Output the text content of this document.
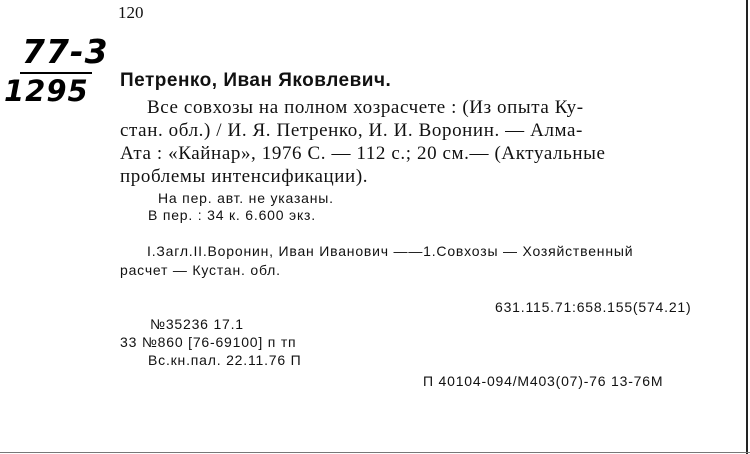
120
77-3
1295 Петренко, Иван Яковлевич.
Все совхозы на полном хозрасчете : (Из опыта Ку-
стан. обл.) / И. Я. Петренко, И. И. Воронин. — Алма-
Ата : «Кайнар», 1976 С. — 112 с.; 20 см.— (Актуальные
проблемы интенсификации).
На пер. авт. не указаны.
В пер. : 34 к. 6.600 экз.
I.Загл.II.Воронин, Иван Иванович ——1.Совхозы — Хозяйственный
расчет — Кустан. обл.
631.115.71:658.155(574.21)
№35236 17.1
33 №860 [76-69100] п тп
Вс.кн.пал. 22.11.76 П
П 40104-094/М403(07)-76 13-76М
